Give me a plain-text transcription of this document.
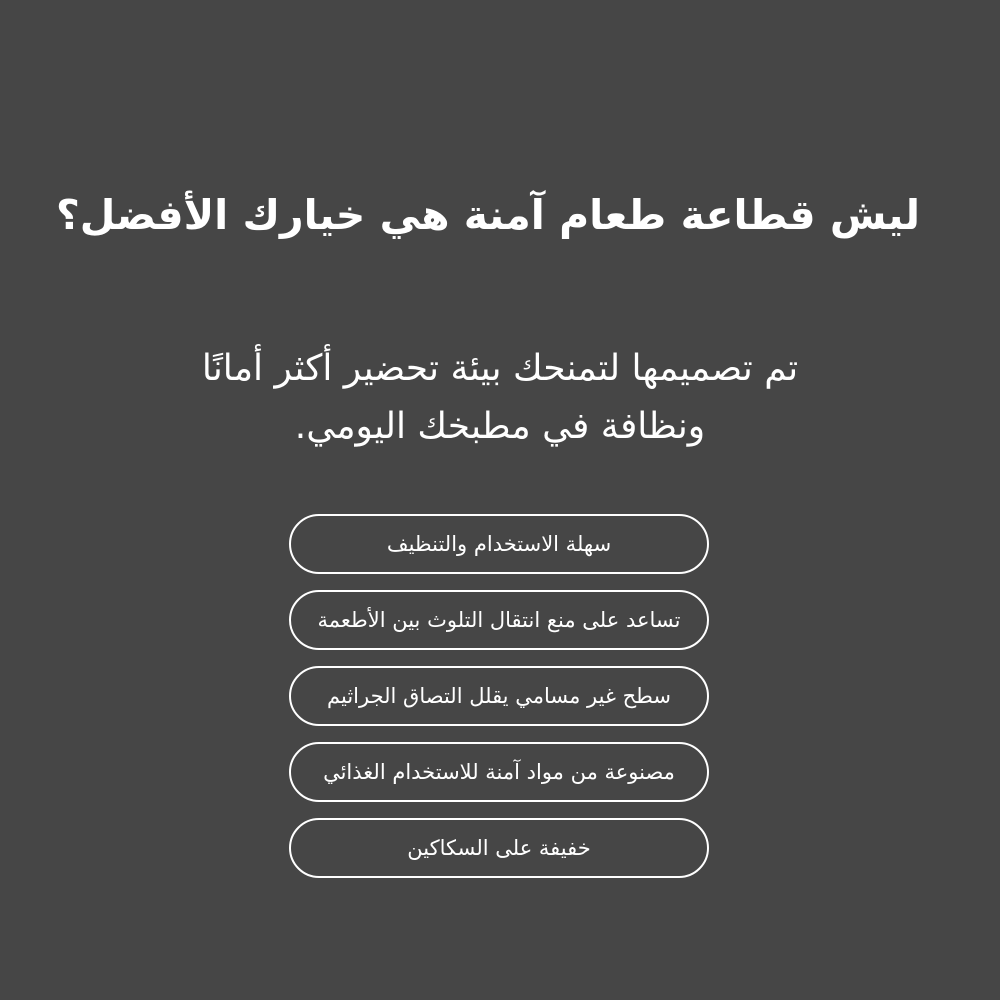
ليش قطاعة طعام آمنة هي خيارك الأفضل؟

تم تصميمها لتمنحك بيئة تحضير أكثر أمانًا
ونظافة في مطبخك اليومي.

سهلة الاستخدام والتنظيف
تساعد على منع انتقال التلوث بين الأطعمة
سطح غير مسامي يقلل التصاق الجراثيم
مصنوعة من مواد آمنة للاستخدام الغذائي
خفيفة على السكاكين
